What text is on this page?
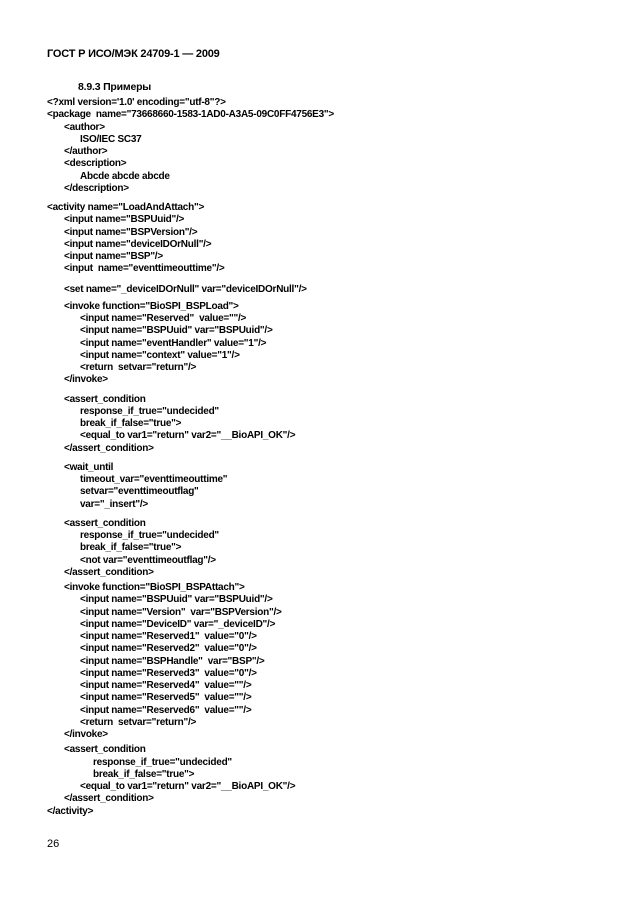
ГОСТ Р ИСО/МЭК 24709-1 — 2009
8.9.3 Примеры
<?xml version='1.0' encoding="utf-8"?>
<package  name="73668660-1583-1AD0-A3A5-09C0FF4756E3">
<author>
ISO/IEC SC37
</author>
<description>
Abcde abcde abcde
</description>
<activity name="LoadAndAttach">
<input name="BSPUuid"/>
<input name="BSPVersion"/>
<input name="deviceIDOrNull"/>
<input name="BSP"/>
<input  name="eventtimeouttime"/>
<set name="_deviceIDOrNull" var="deviceIDOrNull"/>
<invoke function="BioSPI_BSPLoad">
<input name="Reserved"  value=""/>
<input name="BSPUuid" var="BSPUuid"/>
<input name="eventHandler" value="1"/>
<input name="context" value="1"/>
<return  setvar="return"/>
</invoke>
<assert_condition
response_if_true="undecided"
break_if_false="true">
<equal_to var1="return" var2="__BioAPI_OK"/>
</assert_condition>
<wait_until
timeout_var="eventtimeouttime"
setvar="eventtimeoutflag"
var="_insert"/>
<assert_condition
response_if_true="undecided"
break_if_false="true">
<not var="eventtimeoutflag"/>
</assert_condition>
<invoke function="BioSPI_BSPAttach">
<input name="BSPUuid" var="BSPUuid"/>
<input name="Version"  var="BSPVersion"/>
<input name="DeviceID" var="_deviceID"/>
<input name="Reserved1"  value="0"/>
<input name="Reserved2"  value="0"/>
<input name="BSPHandle"  var="BSP"/>
<input name="Reserved3"  value="0"/>
<input name="Reserved4"  value=""/>
<input name="Reserved5"  value=""/>
<input name="Reserved6"  value=""/>
<return  setvar="return"/>
</invoke>
<assert_condition
response_if_true="undecided"
break_if_false="true">
<equal_to var1="return" var2="__BioAPI_OK"/>
</assert_condition>
</activity>
26
